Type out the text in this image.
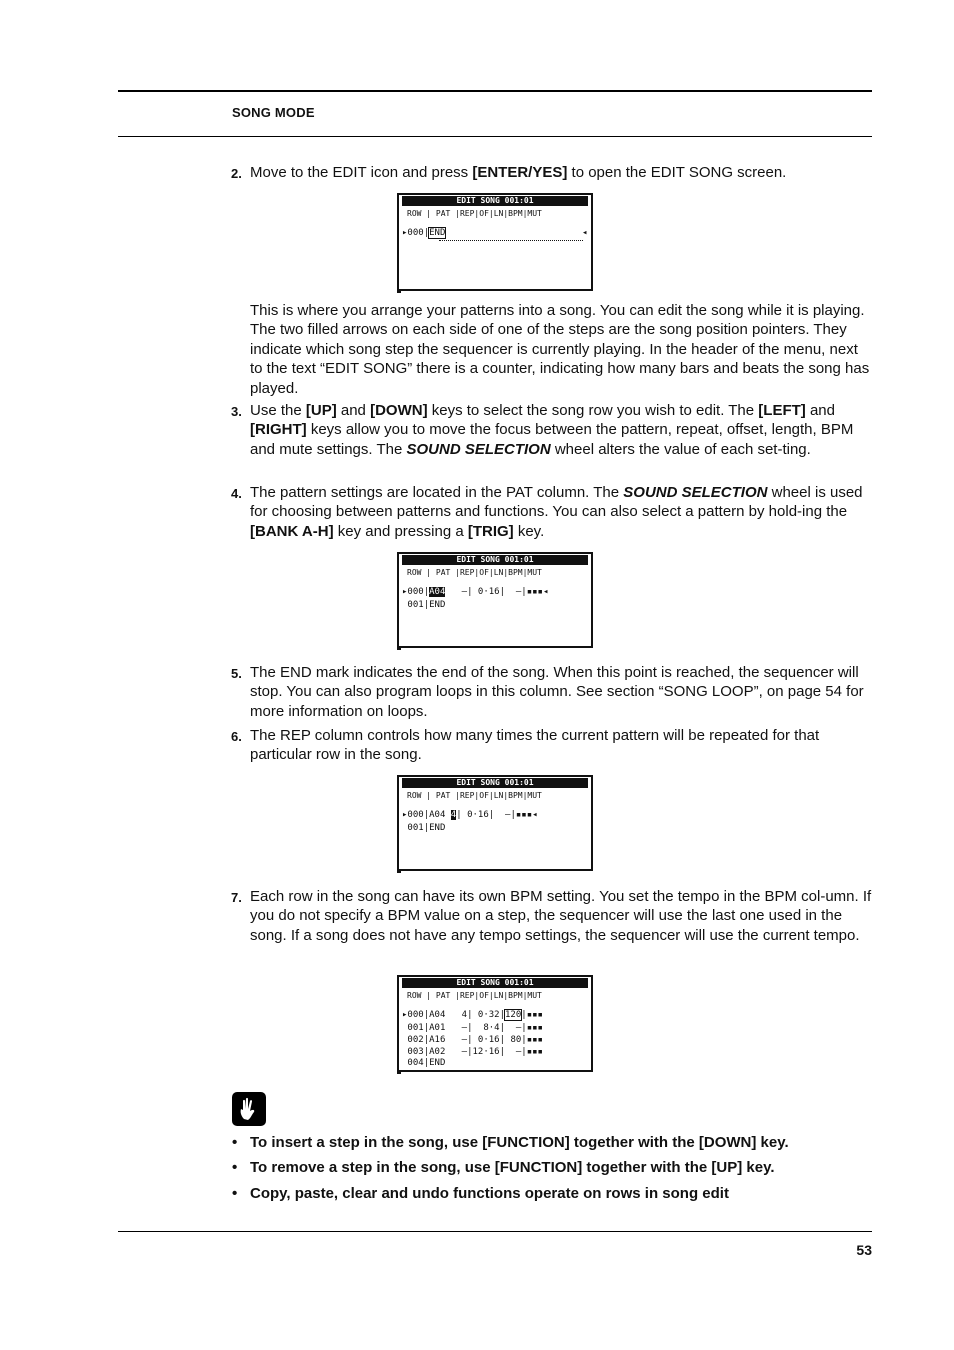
SONG MODE
2. Move to the EDIT icon and press [ENTER/YES] to open the EDIT SONG screen.
EDIT SONG 001:01
ROW | PAT |REP|OF|LN|BPM|MUT
▸000|END	◂
This is where you arrange your patterns into a song. You can edit the song while it is playing. The two filled arrows on each side of one of the steps are the song position pointers. They indicate which song step the sequencer is currently playing. In the header of the menu, next to the text “EDIT SONG” there is a counter, indicating how many bars and beats the song has played.
3. Use the [UP] and [DOWN] keys to select the song row you wish to edit. The [LEFT] and [RIGHT] keys allow you to move the focus between the pattern, repeat, offset, length, BPM and mute settings. The SOUND SELECTION wheel alters the value of each set-ting.
4. The pattern settings are located in the PAT column. The SOUND SELECTION wheel is used for choosing between patterns and functions. You can also select a pattern by hold-ing the [BANK A-H] key and pressing a [TRIG] key.
EDIT SONG 001:01
ROW | PAT |REP|OF|LN|BPM|MUT
▸000|A04 –| 0·16|  –|▪▪▪◂
001|END
5. The END mark indicates the end of the song. When this point is reached, the sequencer will stop. You can also program loops in this column. See section “SONG LOOP”, on page 54 for more information on loops.
6. The REP column controls how many times the current pattern will be repeated for that particular row in the song.
EDIT SONG 001:01
ROW | PAT |REP|OF|LN|BPM|MUT
▸000|A04 4| 0·16|  –|▪▪▪◂
001|END
7. Each row in the song can have its own BPM setting. You set the tempo in the BPM col-umn. If you do not specify a BPM value on a step, the sequencer will use the last one used in the song. If a song does not have any tempo settings, the sequencer will use the current tempo.
EDIT SONG 001:01
ROW | PAT |REP|OF|LN|BPM|MUT
▸000|A04 4| 0·32|120|▪▪▪
001|A01 –|  8·4|  –|▪▪▪
002|A16 –| 0·16| 80|▪▪▪
003|A02 –|12·16|  –|▪▪▪
004|END
• To insert a step in the song, use [FUNCTION] together with the [DOWN] key.
• To remove a step in the song, use [FUNCTION] together with the [UP] key.
• Copy, paste, clear and undo functions operate on rows in song edit
53
